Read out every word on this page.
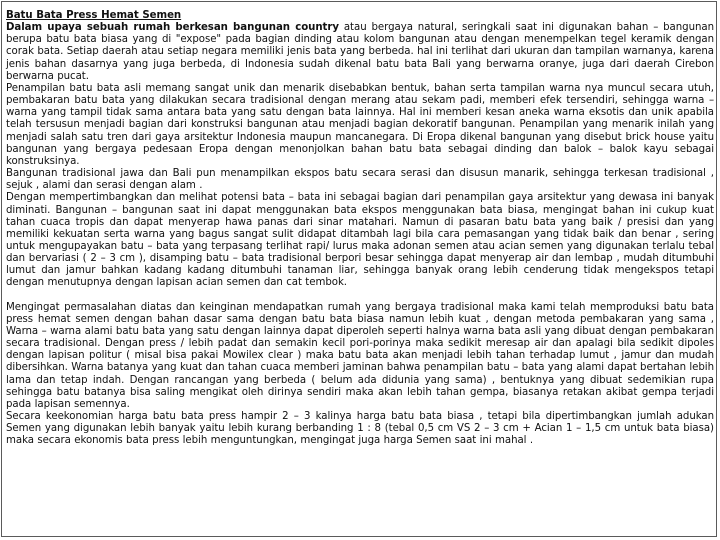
Batu Bata Press Hemat Semen

Dalam upaya sebuah rumah berkesan bangunan country atau bergaya natural, seringkali saat ini digunakan bahan – bangunan berupa batu bata biasa yang di "expose" pada bagian dinding atau kolom bangunan atau dengan menempelkan tegel keramik dengan corak bata. Setiap daerah atau setiap negara memiliki jenis bata yang berbeda. hal ini terlihat dari ukuran dan tampilan warnanya, karena jenis bahan dasarnya yang juga berbeda, di Indonesia sudah dikenal batu bata Bali yang berwarna oranye, juga dari daerah Cirebon berwarna pucat.

Penampilan batu bata asli memang sangat unik dan menarik disebabkan bentuk, bahan serta tampilan warna nya muncul secara utuh, pembakaran batu bata yang dilakukan secara tradisional dengan merang atau sekam padi, memberi efek tersendiri, sehingga warna – warna yang tampil tidak sama antara bata yang satu dengan bata lainnya. Hal ini memberi kesan aneka warna eksotis dan unik apabila telah tersusun menjadi bagian dari konstruksi bangunan atau menjadi bagian dekoratif bangunan. Penampilan yang menarik inilah yang menjadi salah satu tren dari gaya arsitektur Indonesia maupun mancanegara. Di Eropa dikenal bangunan yang disebut brick house yaitu bangunan yang bergaya pedesaan Eropa dengan menonjolkan bahan batu bata sebagai dinding dan balok – balok kayu sebagai konstruksinya.

Bangunan tradisional jawa dan Bali pun menampilkan ekspos batu secara serasi dan disusun manarik, sehingga terkesan tradisional , sejuk , alami dan serasi dengan alam .

Dengan mempertimbangkan dan melihat potensi bata – bata ini sebagai bagian dari penampilan gaya arsitektur yang dewasa ini banyak diminati. Bangunan – bangunan saat ini dapat menggunakan bata ekspos menggunakan bata biasa, mengingat bahan ini cukup kuat tahan cuaca tropis dan dapat menyerap hawa panas dari sinar matahari. Namun di pasaran batu bata yang baik / presisi dan yang memiliki kekuatan serta warna yang bagus sangat sulit didapat ditambah lagi bila cara pemasangan yang tidak baik dan benar , sering untuk mengupayakan batu – bata yang terpasang terlihat rapi/ lurus maka adonan semen atau acian semen yang digunakan terlalu tebal dan bervariasi ( 2 – 3 cm ), disamping batu – bata tradisional berpori besar sehingga dapat menyerap air dan lembap , mudah ditumbuhi lumut dan jamur bahkan kadang kadang ditumbuhi tanaman liar, sehingga banyak orang lebih cenderung tidak mengekspos tetapi dengan menutupnya dengan lapisan acian semen dan cat tembok.

Mengingat permasalahan diatas dan keinginan mendapatkan rumah yang bergaya tradisional maka kami telah memproduksi batu bata press hemat semen dengan bahan dasar sama dengan batu bata biasa namun lebih kuat , dengan metoda pembakaran yang sama , Warna – warna alami batu bata yang satu dengan lainnya dapat diperoleh seperti halnya warna bata asli yang dibuat dengan pembakaran secara tradisional. Dengan press / lebih padat dan semakin kecil pori-porinya maka sedikit meresap air dan apalagi bila sedikit dipoles dengan lapisan politur ( misal bisa pakai Mowilex clear ) maka batu bata akan menjadi lebih tahan terhadap lumut , jamur dan mudah dibersihkan. Warna batanya yang kuat dan tahan cuaca memberi jaminan bahwa penampilan batu – bata yang alami dapat bertahan lebih lama dan tetap indah. Dengan rancangan yang berbeda ( belum ada didunia yang sama) , bentuknya yang dibuat sedemikian rupa sehingga batu batanya bisa saling mengikat oleh dirinya sendiri maka akan lebih tahan gempa, biasanya retakan akibat gempa terjadi pada lapisan semennya.

Secara keekonomian harga batu bata press hampir 2 – 3 kalinya harga batu bata biasa , tetapi bila dipertimbangkan jumlah adukan Semen yang digunakan lebih banyak yaitu lebih kurang berbanding 1 : 8 (tebal 0,5 cm VS 2 – 3 cm + Acian 1 – 1,5 cm untuk bata biasa) maka secara ekonomis bata press lebih menguntungkan, mengingat juga harga Semen saat ini mahal .
